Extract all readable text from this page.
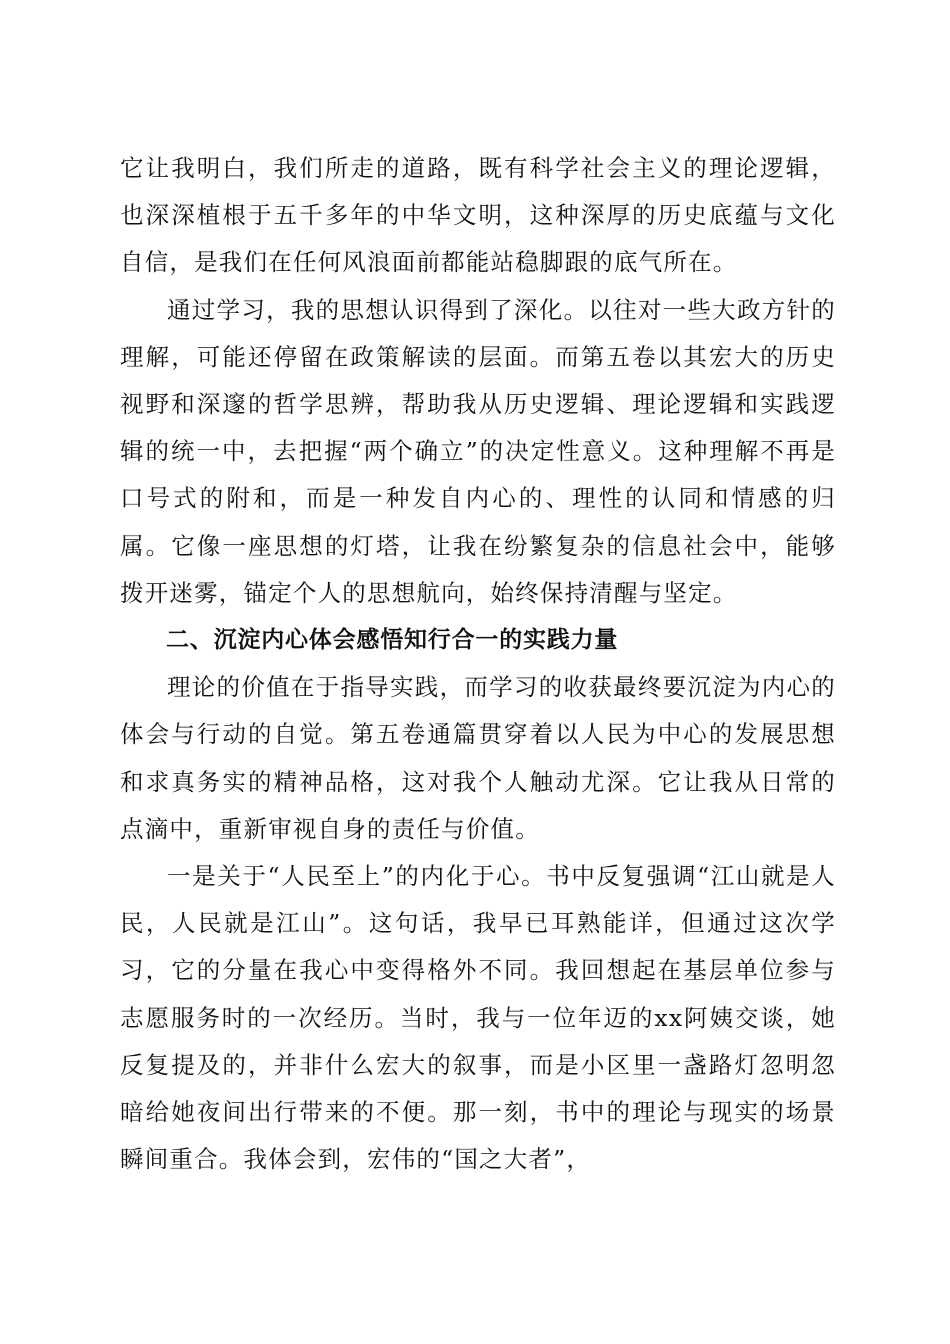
它让我明白，我们所走的道路，既有科学社会主义的理论逻辑，也深深植根于五千多年的中华文明，这种深厚的历史底蕴与文化自信，是我们在任何风浪面前都能站稳脚跟的底气所在。

通过学习，我的思想认识得到了深化。以往对一些大政方针的理解，可能还停留在政策解读的层面。而第五卷以其宏大的历史视野和深邃的哲学思辨，帮助我从历史逻辑、理论逻辑和实践逻辑的统一中，去把握“两个确立”的决定性意义。这种理解不再是口号式的附和，而是一种发自内心的、理性的认同和情感的归属。它像一座思想的灯塔，让我在纷繁复杂的信息社会中，能够拨开迷雾，锚定个人的思想航向，始终保持清醒与坚定。

二、沉淀内心体会感悟知行合一的实践力量

理论的价值在于指导实践，而学习的收获最终要沉淀为内心的体会与行动的自觉。第五卷通篇贯穿着以人民为中心的发展思想和求真务实的精神品格，这对我个人触动尤深。它让我从日常的点滴中，重新审视自身的责任与价值。

一是关于“人民至上”的内化于心。书中反复强调“江山就是人民，人民就是江山”。这句话，我早已耳熟能详，但通过这次学习，它的分量在我心中变得格外不同。我回想起在基层单位参与志愿服务时的一次经历。当时，我与一位年迈的xx阿姨交谈，她反复提及的，并非什么宏大的叙事，而是小区里一盏路灯忽明忽暗给她夜间出行带来的不便。那一刻，书中的理论与现实的场景瞬间重合。我体会到，宏伟的“国之大者”，
